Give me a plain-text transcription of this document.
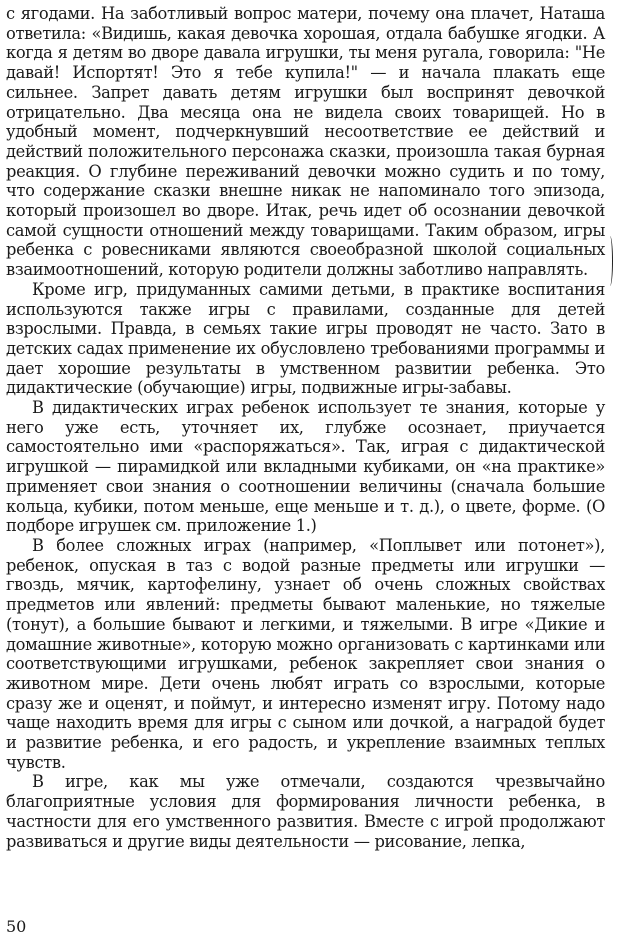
с ягодами. На заботливый вопрос матери, почему она плачет, Наташа ответила: «Видишь, какая девочка хорошая, отдала бабушке ягодки. А когда я детям во дворе давала игрушки, ты меня ругала, говорила: "Не давай! Испортят! Это я тебе купила!" — и начала плакать еще сильнее. Запрет давать детям игрушки был воспринят девочкой отрицательно. Два месяца она не видела своих товарищей. Но в удобный момент, подчеркнувший несоответствие ее действий и действий положительного персонажа сказки, произошла такая бурная реакция. О глубине переживаний девочки можно судить и по тому, что содержание сказки внешне никак не напоминало того эпизода, который произошел во дворе. Итак, речь идет об осознании девочкой самой сущности отношений между товарищами. Таким образом, игры ребенка с ровесниками являются своеобразной школой социальных взаимоотношений, которую родители должны заботливо направлять.

Кроме игр, придуманных самими детьми, в практике воспитания используются также игры с правилами, созданные для детей взрослыми. Правда, в семьях такие игры проводят не часто. Зато в детских садах применение их обусловлено требованиями программы и дает хорошие результаты в умственном развитии ребенка. Это дидактические (обучающие) игры, подвижные игры-забавы.

В дидактических играх ребенок использует те знания, которые у него уже есть, уточняет их, глубже осознает, приучается самостоятельно ими «распоряжаться». Так, играя с дидактической игрушкой — пирамидкой или вкладными кубиками, он «на практике» применяет свои знания о соотношении величины (сначала большие кольца, кубики, потом меньше, еще меньше и т. д.), о цвете, форме. (О подборе игрушек см. приложение 1.)

В более сложных играх (например, «Поплывет или потонет»), ребенок, опуская в таз с водой разные предметы или игрушки — гвоздь, мячик, картофелину, узнает об очень сложных свойствах предметов или явлений: предметы бывают маленькие, но тяжелые (тонут), а большие бывают и легкими, и тяжелыми. В игре «Дикие и домашние животные», которую можно организовать с картинками или соответствующими игрушками, ребенок закрепляет свои знания о животном мире. Дети очень любят играть со взрослыми, которые сразу же и оценят, и поймут, и интересно изменят игру. Потому надо чаще находить время для игры с сыном или дочкой, а наградой будет и развитие ребенка, и его радость, и укрепление взаимных теплых чувств.

В игре, как мы уже отмечали, создаются чрезвычайно благоприятные условия для формирования личности ребенка, в частности для его умственного развития. Вместе с игрой продолжают развиваться и другие виды деятельности — рисование, лепка,

50
